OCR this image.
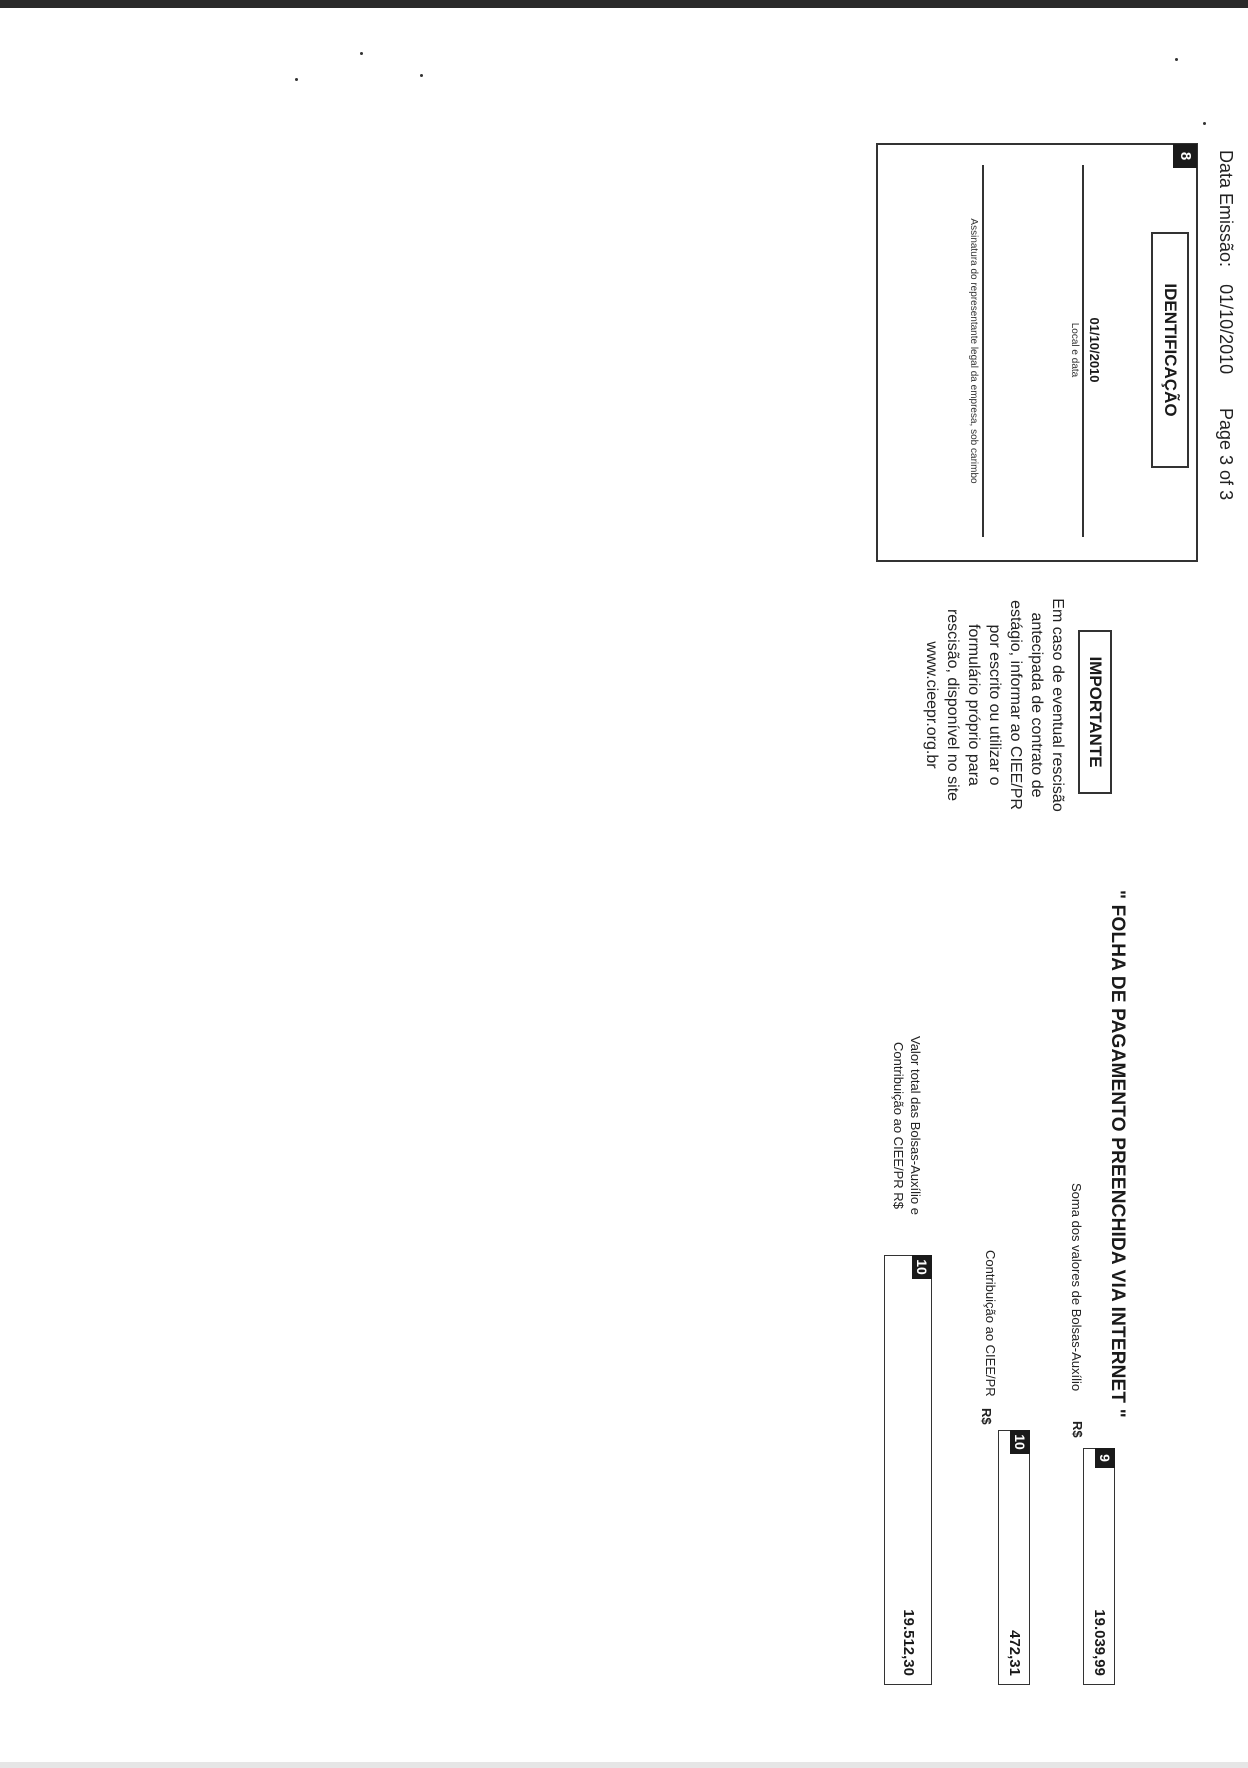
Data Emissão: 01/10/2010
Page 3 of 3
8
IDENTIFICAÇÃO
01/10/2010
Local e data
Assinatura do representante legal da empresa, sob carimbo
IMPORTANTE
Em caso de eventual rescisão
antecipada de contrato de
estágio, informar ao CIEE/PR
por escrito ou utilizar o
formulário próprio para
rescisão, disponível no site
www.cieepr.org.br
" FOLHA DE PAGAMENTO PREENCHIDA VIA INTERNET "
Soma dos valores de Bolsas-Auxílio
R$
9
19.039,99
Contribuição ao CIEE/PR
R$
10
472,31
Valor total das Bolsas-Auxílio e
Contribuição ao CIEE/PR R$
10
19.512,30
